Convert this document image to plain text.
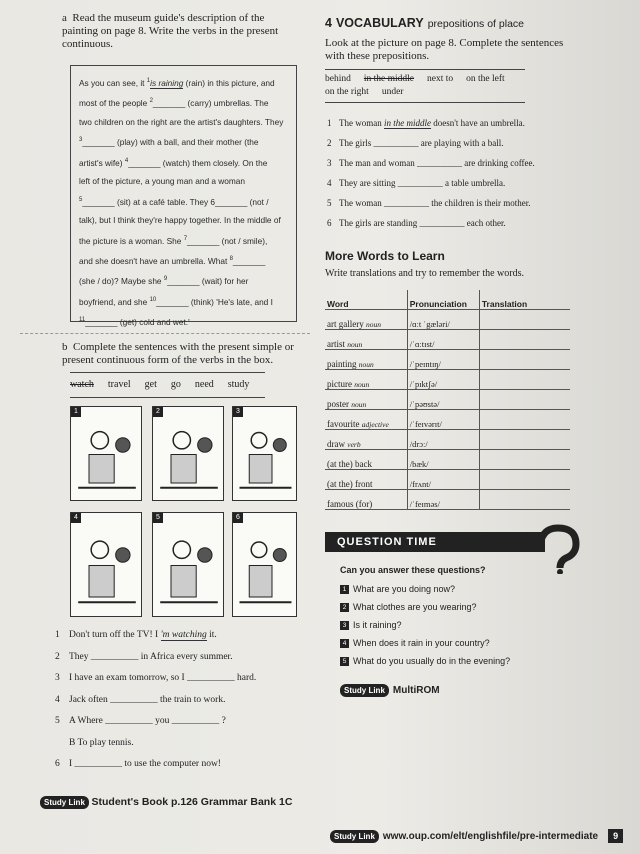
a Read the museum guide's description of the painting on page 8. Write the verbs in the present continuous.

As you can see, it $^1$is raining (rain) in this picture, and

most of the people $^2$_______ (carry) umbrellas. The

two children on the right are the artist's daughters. They

$^3$_______ (play) with a ball, and their mother (the

artist's wife) $^4$_______ (watch) them closely. On the

left of the picture, a young man and a woman

$^5$_______ (sit) at a café table. They 6_______ (not /

talk), but I think they're happy together. In the middle of

the picture is a woman. She $^7$_______ (not / smile),

and she doesn't have an umbrella. What $^8$_______

(she / do)? Maybe she $^9$_______ (wait) for her

boyfriend, and she $^{10}$_______ (think) 'He's late, and I

$^{11}$_______ (get) cold and wet.'

b Complete the sentences with the present simple or present continuous form of the verbs in the box.
watch travel get go need study
1	2	3
4	5	6
1 Don't turn off the TV! I 'm watching it.
2 They __________ in Africa every summer.
3 I have an exam tomorrow, so I __________ hard.
4 Jack often __________ the train to work.
5 A Where __________ you __________ ?
B To play tennis.
6 I __________ to use the computer now!
Study Link Student's Book p.126 Grammar Bank 1C
4 VOCABULARY prepositions of place
Look at the picture on page 8. Complete the sentences with these prepositions.
behind in the middle next to on the left
on the right under
1 The woman in the middle doesn't have an umbrella.
2 The girls __________ are playing with a ball.
3 The man and woman __________ are drinking coffee.
4 They are sitting __________ a table umbrella.
5 The woman __________ the children is their mother.
6 The girls are standing __________ each other.
More Words to Learn
Write translations and try to remember the words.
Word	Pronunciation	Translation
art gallery noun	/ɑːt ˈgæləri/	
artist noun	/ˈɑːtɪst/	
painting noun	/ˈpeɪntɪŋ/	
picture noun	/ˈpɪktʃə/	
poster noun	/ˈpəʊstə/	
favourite adjective	/ˈfeɪvərɪt/	
draw verb	/drɔː/	
(at the) back	/bæk/	
(at the) front	/frʌnt/	
famous (for)	/ˈfeɪməs/	
QUESTION TIME
Can you answer these questions?
1 What are you doing now?
2 What clothes are you wearing?
3 Is it raining?
4 When does it rain in your country?
5 What do you usually do in the evening?
Study Link MultiROM
Study Link www.oup.com/elt/englishfile/pre-intermediate 9
